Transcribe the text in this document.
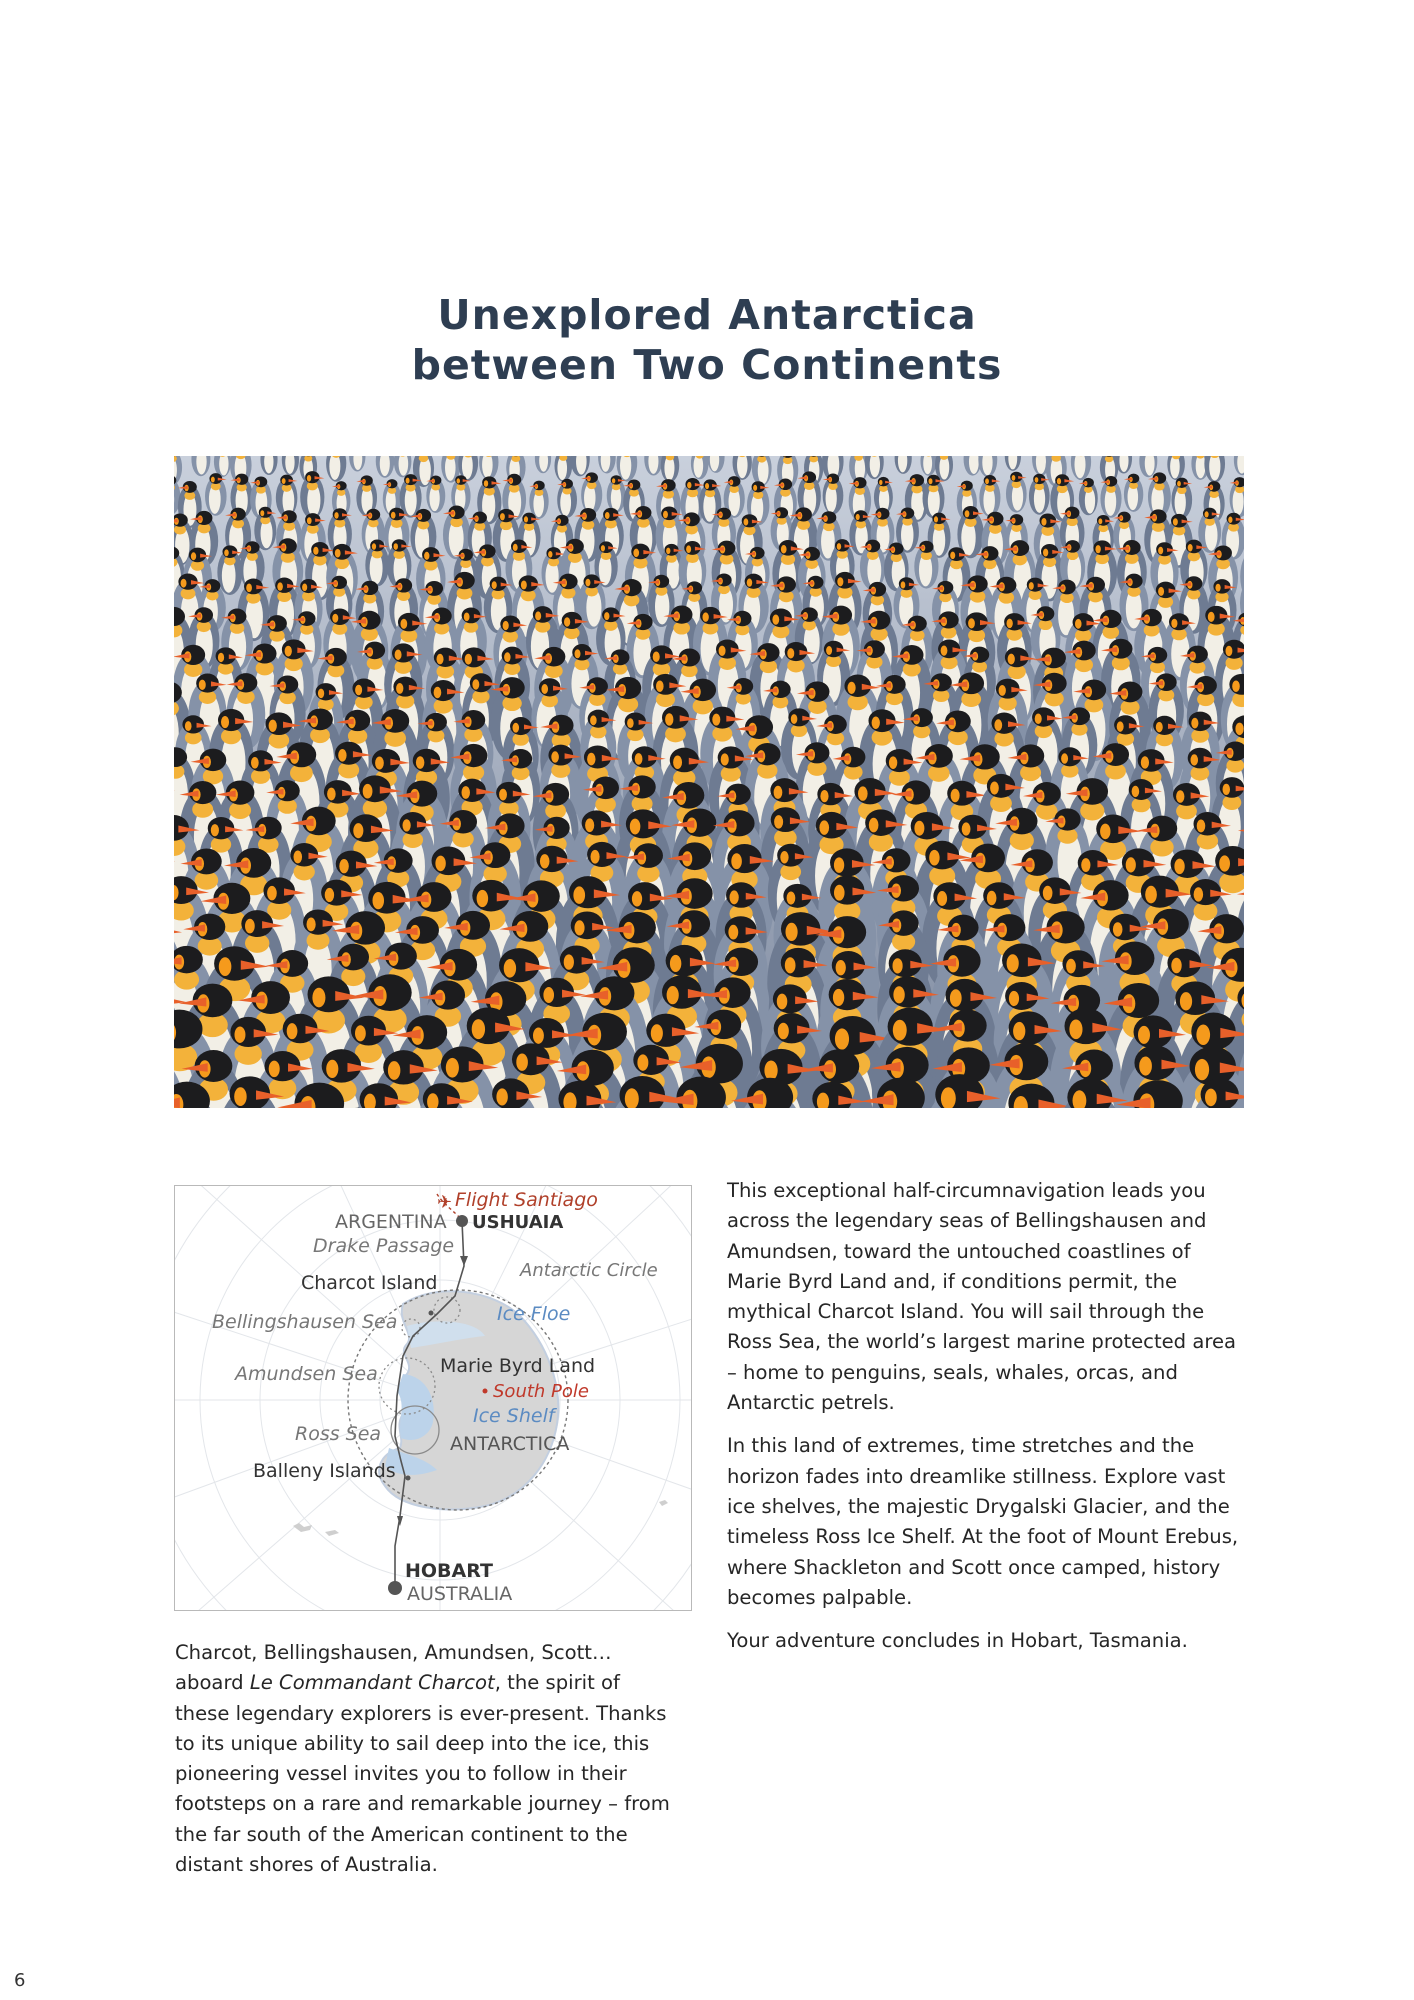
Unexplored Antarctica
between Two Continents
✈ Flight Santiago
ARGENTINA USHUAIA
Drake Passage
Charcot Island
Antarctic Circle
Ice Floe
Bellingshausen Sea
Marie Byrd Land
South Pole
Amundsen Sea
Ice Shelf
Ross Sea	ANTARCTICA
Balleny Islands
HOBART
AUSTRALIA

Charcot, Bellingshausen, Amundsen, Scott… aboard Le Commandant Charcot, the spirit of these legendary explorers is ever-present. Thanks to its unique ability to sail deep into the ice, this pioneering vessel invites you to follow in their footsteps on a rare and remarkable journey – from the far south of the American continent to the distant shores of Australia.

This exceptional half-circumnavigation leads you across the legendary seas of Bellingshausen and Amundsen, toward the untouched coastlines of Marie Byrd Land and, if conditions permit, the mythical Charcot Island. You will sail through the Ross Sea, the world’s largest marine protected area – home to penguins, seals, whales, orcas, and Antarctic petrels.

In this land of extremes, time stretches and the horizon fades into dreamlike stillness. Explore vast ice shelves, the majestic Drygalski Glacier, and the timeless Ross Ice Shelf. At the foot of Mount Erebus, where Shackleton and Scott once camped, history becomes palpable.

Your adventure concludes in Hobart, Tasmania.

6
